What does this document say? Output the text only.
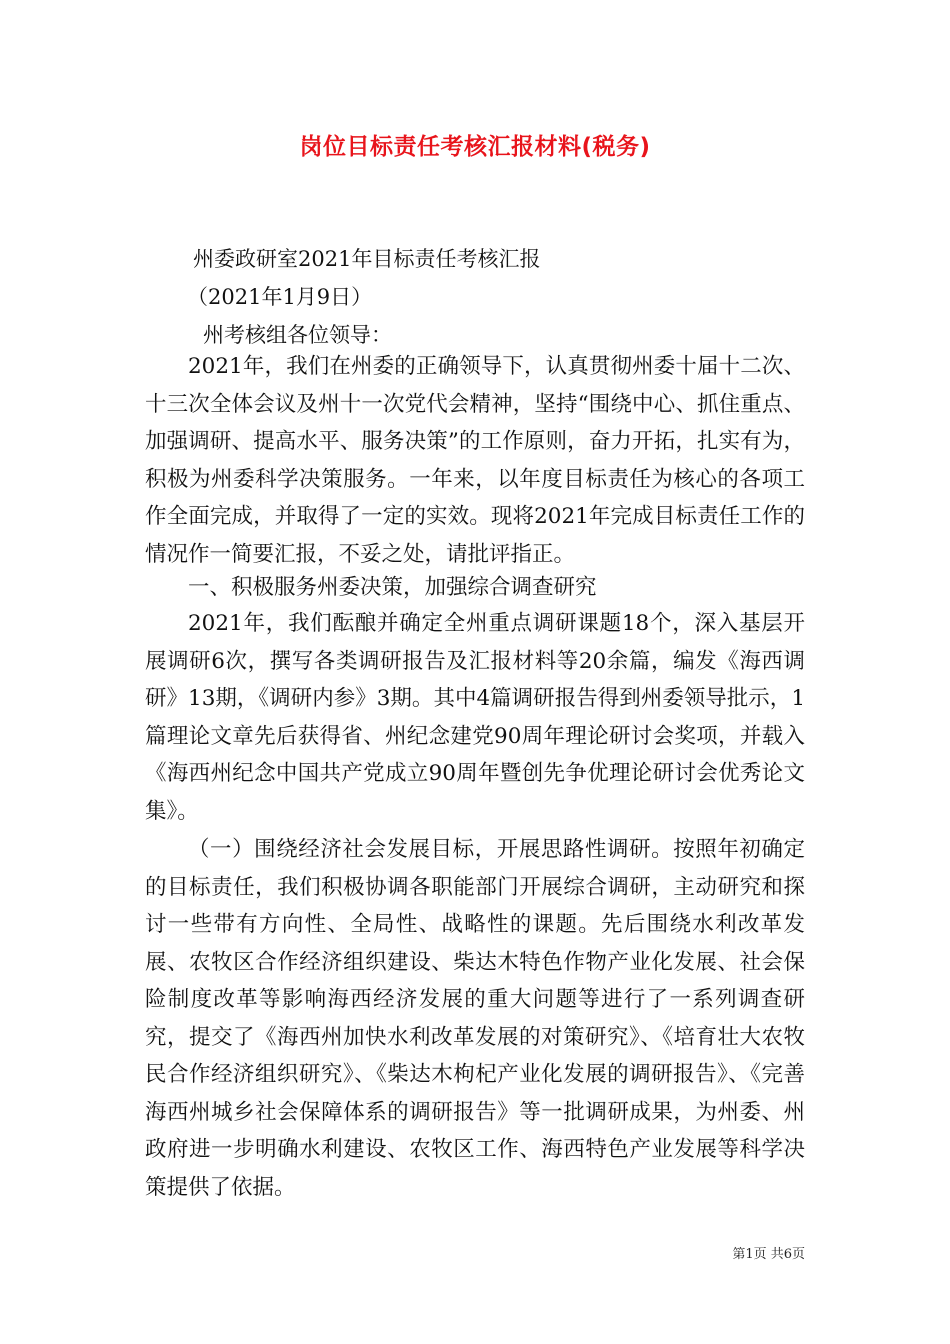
岗位目标责任考核汇报材料(税务)
州委政研室2021年目标责任考核汇报
（2021年1月9日）
州考核组各位领导：

2021年，我们在州委的正确领导下，认真贯彻州委十届十二次、十三次全体会议及州十一次党代会精神，坚持“围绕中心、抓住重点、加强调研、提高水平、服务决策”的工作原则，奋力开拓，扎实有为，积极为州委科学决策服务。一年来，以年度目标责任为核心的各项工作全面完成，并取得了一定的实效。现将2021年完成目标责任工作的情况作一简要汇报，不妥之处，请批评指正。

一、积极服务州委决策，加强综合调查研究

2021年，我们酝酿并确定全州重点调研课题18个，深入基层开展调研6次，撰写各类调研报告及汇报材料等20余篇，编发《海西调研》13期，《调研内参》3期。其中4篇调研报告得到州委领导批示，1篇理论文章先后获得省、州纪念建党90周年理论研讨会奖项，并载入《海西州纪念中国共产党成立90周年暨创先争优理论研讨会优秀论文集》。

（一）围绕经济社会发展目标，开展思路性调研。按照年初确定的目标责任，我们积极协调各职能部门开展综合调研，主动研究和探讨一些带有方向性、全局性、战略性的课题。先后围绕水利改革发展、农牧区合作经济组织建设、柴达木特色作物产业化发展、社会保险制度改革等影响海西经济发展的重大问题等进行了一系列调查研究，提交了《海西州加快水利改革发展的对策研究》、《培育壮大农牧民合作经济组织研究》、《柴达木枸杞产业化发展的调研报告》、《完善海西州城乡社会保障体系的调研报告》等一批调研成果，为州委、州政府进一步明确水利建设、农牧区工作、海西特色产业发展等科学决策提供了依据。

第1页 共6页
